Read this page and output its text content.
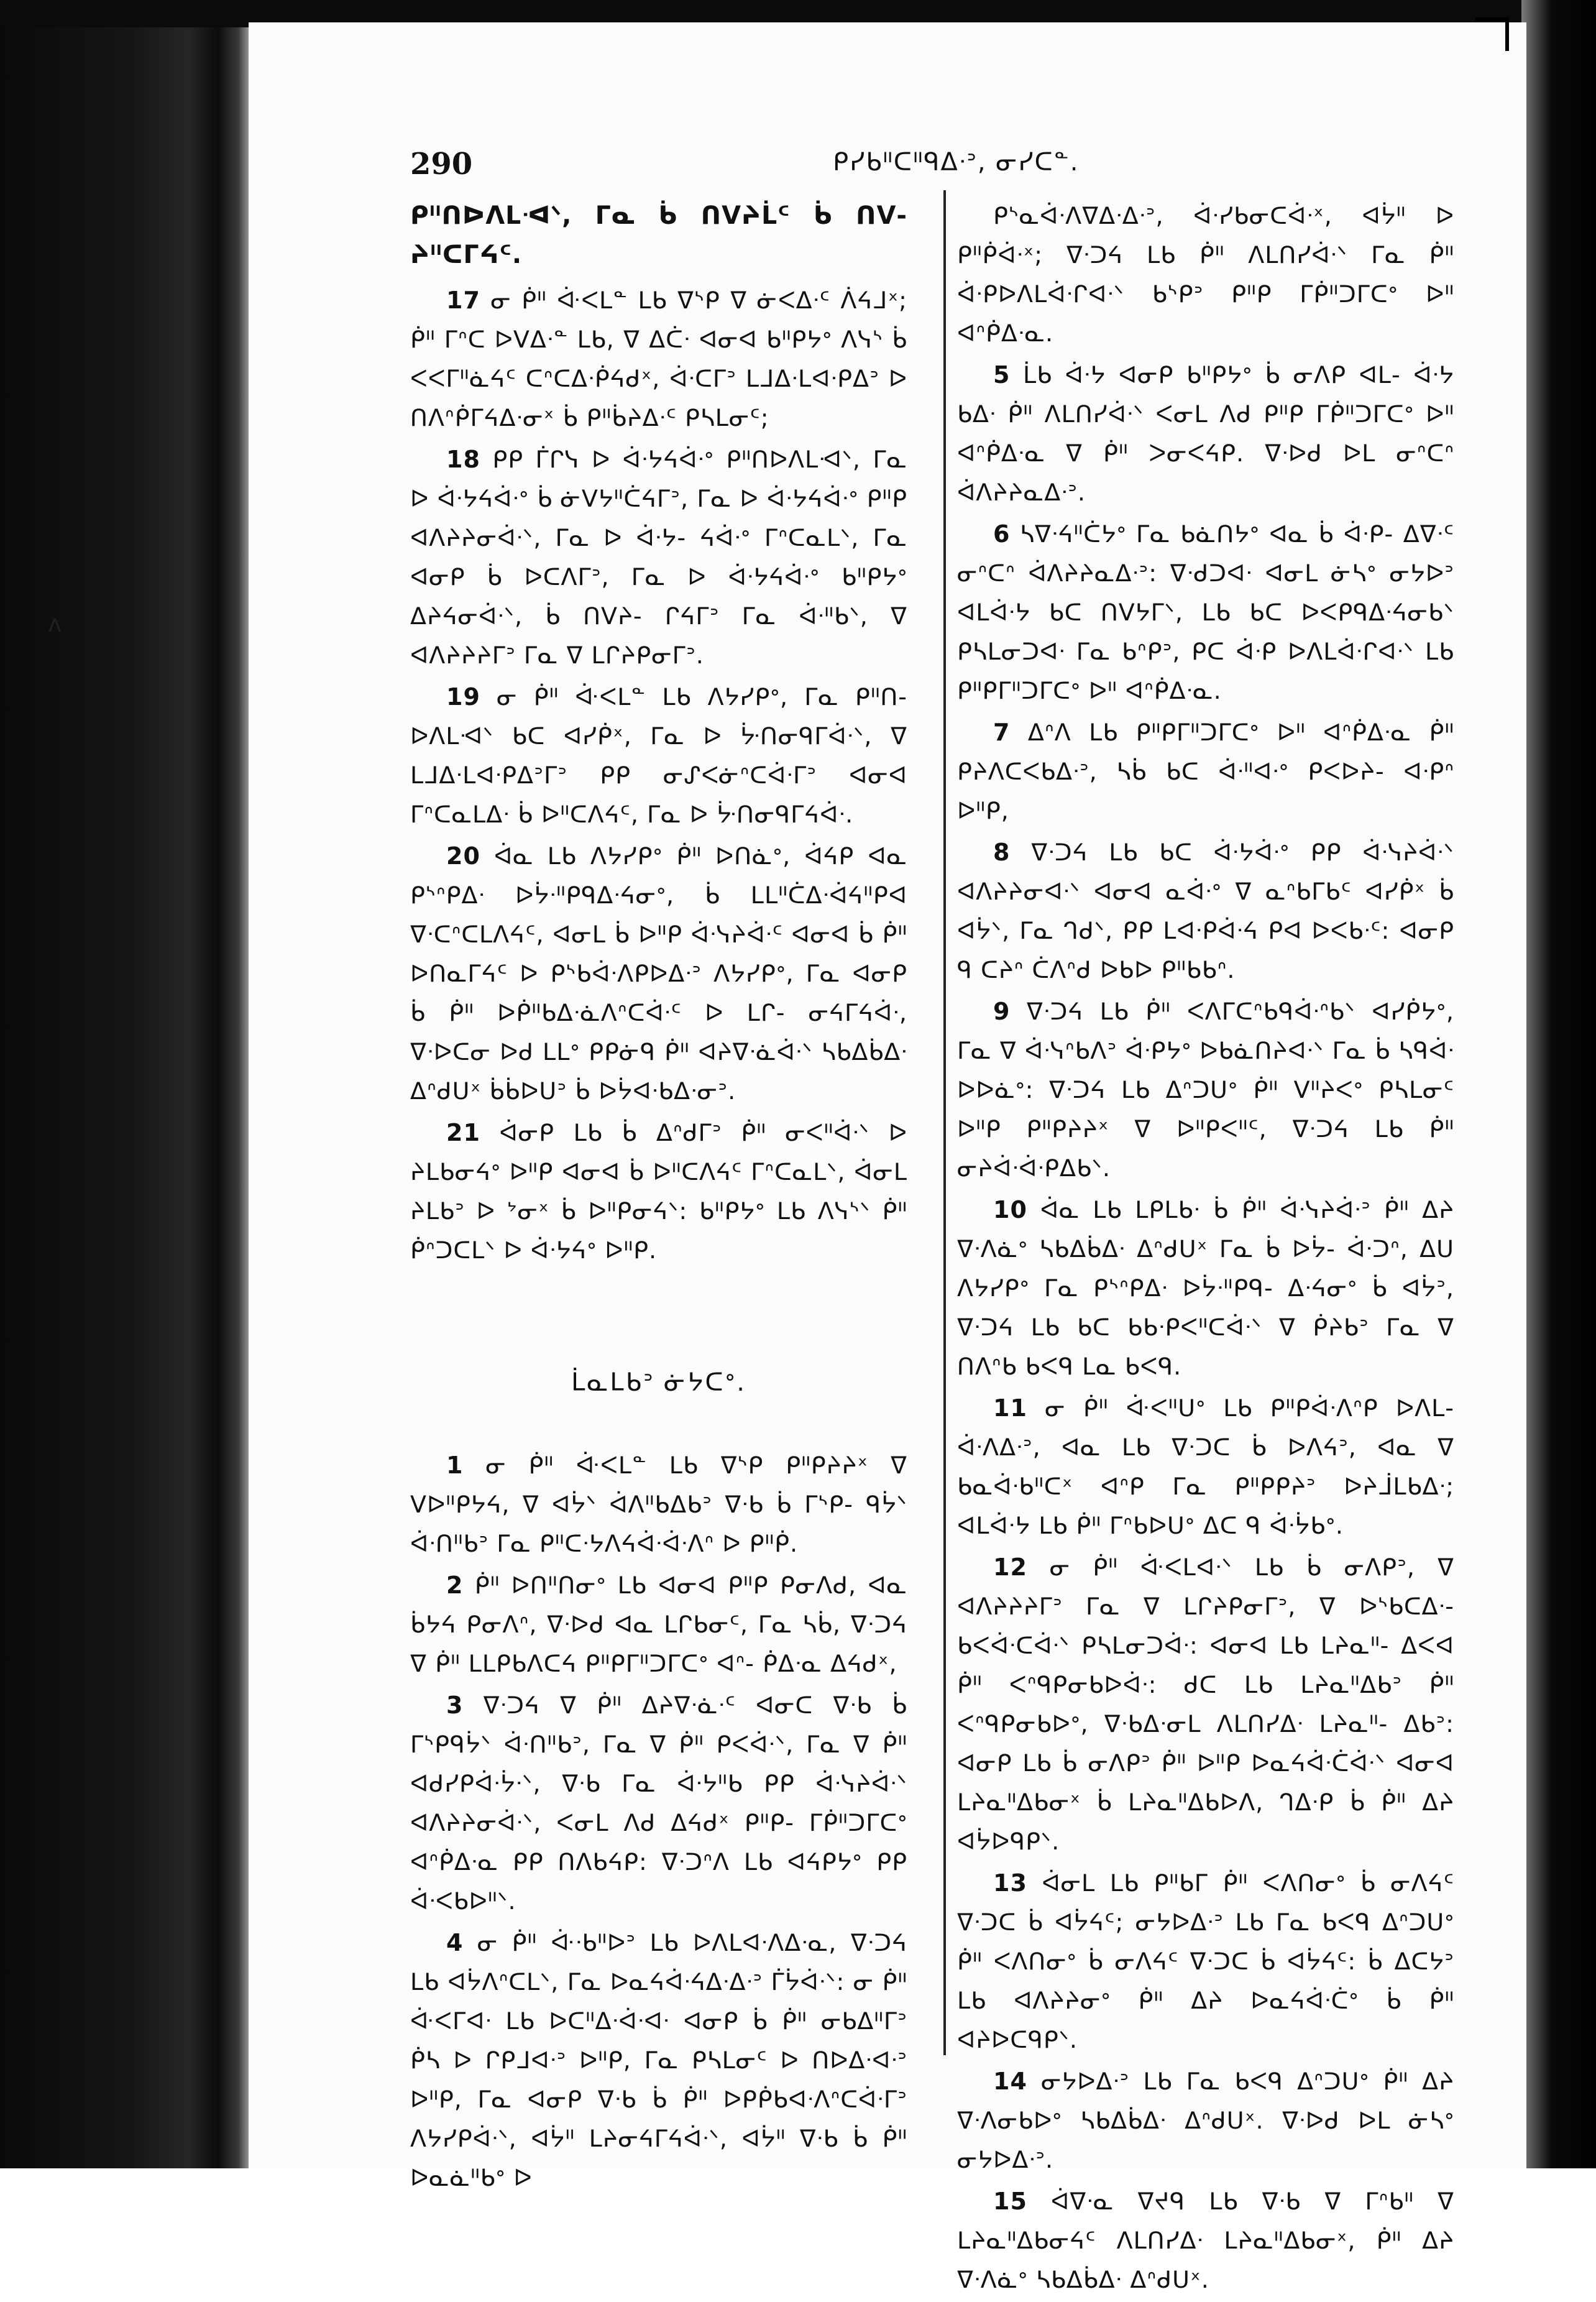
ᐱ
290	ᑭᓯᑲᐦᑕᐦᑫᐃᐧᐣ, ᓂᓯᑕᓐ.

ᑭᐦᑎᐅᐱᒪᐗᐠ, ᒥᓇ ᑳ ᑎᐯᔨᒫᑦ ᑳ ᑎᐯ- ᔨᐦᑕᒥᔦᑦ.

17 ᓂ ᑮᐦ ᐚᐸᒪᓐ ᒪᑲ ᐁᔅᑭ ᐁ ᓃᐸᐃᐧᑦ ᐲᔦᒧˣ; ᑮᐦ ᒥᐢᑕ ᐅᐯᐃᐧᓐ ᒪᑲ, ᐁ ᐃᑖᐧ ᐊᓂᐊ ᑲᐦᑭᔭᐤ ᐱᓭᔅ ᑳ ᐸᐸᒥᐦᓈᔦᑦ ᑕᐢᑕᐃᐧᑮᔦᑯˣ, ᐋᐧᑕᒥᐣ ᒪᒧᐃᐧᒪᐊᐧᑭᐃᐣ ᐅ ᑎᐱᐢᑮᒥᔦᐃᐧᓂˣ ᑳ ᑭᐦᑳᔨᐃᐧᑦ ᑭᓴᒪᓂᑦ;

18 ᑭᑭ ᒦᒋᓭ ᐅ ᐋᐧᔭᔦᐋᐧᐤ ᑭᐦᑎᐅᐱᒪᐗᐠ, ᒥᓇ ᐅ ᐋᐧᔭᔦᐋᐧᐤ ᑳ ᓃᐯᔭᐦᑖᔦᒥᐣ, ᒥᓇ ᐅ ᐋᐧᔭᔦᐋᐧᐤ ᑭᐦᑭ ᐊᐱᔨᔨᓂᐋᐧᐠ, ᒥᓇ ᐅ ᐋᐧᔭ- ᔦᐋᐧᐤ ᒥᐢᑕᓇᒪᐠ, ᒥᓇ ᐊᓂᑭ ᑳ ᐅᑕᐱᒥᐣ, ᒥᓇ ᐅ ᐋᐧᔭᔦᐋᐧᐤ ᑲᐦᑭᔭᐤ ᐃᔨᔦᓂᐋᐧᐠ, ᑳ ᑎᐯᔨ- ᒋᔦᒥᐣ ᒥᓇ ᐋᐧᐦᑲᐠ, ᐁ ᐊᐱᔨᔨᔨᒥᐣ ᒥᓇ ᐁ ᒪᒋᔨᑭᓂᒥᐣ.

19 ᓂ ᑮᐦ ᐚᐸᒪᓐ ᒪᑲ ᐱᔭᓯᑭᐤ, ᒥᓇ ᑭᐦᑎ- ᐅᐱᒪᐗᐠ ᑲᑕ ᐊᓯᑮˣ, ᒥᓇ ᐅ ᔼᑎᓂᑫᒥᐋᐧᐠ, ᐁ ᒪᒧᐃᐧᒪᐊᐧᑭᐃᐣᒥᐣ ᑭᑭ ᓂᔑᐸᓃᐢᑕᐋᐧᒥᐣ ᐊᓂᐊ ᒥᐢᑕᓇᒪᐃᐧ ᑳ ᐅᐦᑕᐱᔦᑦ, ᒥᓇ ᐅ ᔼᑎᓂᑫᒥᔦᐋᐧ.

20 ᐋᓇ ᒪᑲ ᐱᔭᓯᑭᐤ ᑮᐦ ᐅᑎᓈᐤ, ᐋᔦᑭ ᐊᓇ ᑭᔅᐢᑭᐃᐧ ᐅᔮᐧᐦᑭᑫᐃᐧᔦᓂᐤ, ᑳ ᒪᒪᐦᑖᐃᐧᐋᔦᐦᑭᐊ ᐁᐧᑕᐢᑕᒪᐱᔦᑦ, ᐊᓂᒪ ᑳ ᐅᐦᑭ ᐋᐧᓭᔨᐋᐧᑦ ᐊᓂᐊ ᑳ ᑮᐦ ᐅᑎᓇᒥᔦᑦ ᐅ ᑭᔅᑲᐋᐧᐱᑭᐅᐃᐧᐣ ᐱᔭᓯᑭᐤ, ᒥᓇ ᐊᓂᑭ ᑳ ᑮᐦ ᐅᑮᐦᑲᐃᐧᓈᐱᐢᑕᐋᐧᑦ ᐅ ᒪᒋ- ᓂᔦᒥᔦᐋᐧ, ᐁᐧᐅᑕᓂ ᐅᑯ ᒪᒪᐤ ᑭᑭᓃᑫ ᑮᐦ ᐊᔨᐁᐧᓈᐋᐧᐠ ᓴᑲᐃᑳᐃᐧ ᐃᐢᑯᑌˣ ᑳᑳᐅᑌᐣ ᑳ ᐅᔮᐊᐧᑲᐃᐧᓂᐣ.

21 ᐋᓂᑭ ᒪᑲ ᑳ ᐃᐢᑯᒥᐣ ᑮᐦ ᓂᐸᐦᐋᐧᐠ ᐅ ᔨᒪᑲᓂᔦᐤ ᐅᐦᑭ ᐊᓂᐊ ᑳ ᐅᐦᑕᐱᔦᑦ ᒥᐢᑕᓇᒪᐠ, ᐋᓂᒪ ᔨᒪᑲᐣ ᐅ ᔾᓂˣ ᑳ ᐅᐦᑭᓂᔦᐠ: ᑲᐦᑭᔭᐤ ᒪᑲ ᐱᓭᔅᐠ ᑮᐦ ᑮᐢᑐᑕᒪᐠ ᐅ ᐋᐧᔭᔦᐤ ᐅᐦᑭ.

ᒫᓇᒪᑲᐣ ᓃᔭᑕᐤ.

1 ᓂ ᑮᐦ ᐚᐸᒪᓐ ᒪᑲ ᐁᔅᑭ ᑭᐦᑭᔨᔨˣ ᐁ ᐯᐅᐦᑭᔭᔦ, ᐁ ᐊᔮᐠ ᐋᐱᐦᑲᐃᑲᐣ ᐁᐧᑲ ᑳ ᒥᔅᑭ- ᑫᔮᐠ ᐋᐧᑎᐦᑲᐣ ᒥᓇ ᑭᐦᑕᐧᔭᐱᔦᐋᐧᐋᐧᐱᐢ ᐅ ᑭᐦᑮ.

2 ᑮᐦ ᐅᑎᐦᑎᓂᐤ ᒪᑲ ᐊᓂᐊ ᑭᐦᑭ ᑭᓂᐱᑯ, ᐊᓇ ᑳᔭᔦ ᑭᓂᐱᐢ, ᐁᐧᐅᑯ ᐊᓇ ᒪᒋᑲᓂᑦ, ᒥᓇ ᓴᑳ, ᐁᐧᑐᔦ ᐁ ᑮᐦ ᒪᒪᑭᑲᐱᑕᔦ ᑭᐦᑭᒥᐦᑐᒥᑕᐤ ᐊᐢ- ᑮᐃᐧᓇ ᐃᔦᑯˣ,

3 ᐁᐧᑐᔦ ᐁ ᑮᐦ ᐃᔨᐁᐧᓈᐧᑦ ᐊᓂᑕ ᐁᐧᑲ ᑳ ᒥᔅᑭᑫᔮᐠ ᐋᐧᑎᐦᑲᐣ, ᒥᓇ ᐁ ᑮᐦ ᑭᐸᐋᐧᐠ, ᒥᓇ ᐁ ᑮᐦ ᐊᑯᓯᑭᐋᐧᔮᐧᐠ, ᐁᐧᑲ ᒥᓇ ᐋᐧᔭᐦᑲ ᑭᑭ ᐋᐧᓭᔨᐋᐧᐠ ᐊᐱᔨᔨᓂᐋᐧᐠ, ᐸᓂᒪ ᐱᑯ ᐃᔦᑯˣ ᑭᐦᑭ- ᒥᑮᐦᑐᒥᑕᐤ ᐊᐢᑮᐃᐧᓇ ᑭᑭ ᑎᐱᑲᔦᑭ: ᐁᐧᑐᐢᐱ ᒪᑲ ᐊᔦᑭᔭᐤ ᑭᑭ ᐋᐧᐸᑲᐅᐦᐠ.

4 ᓂ ᑮᐦ ᐚᐧᑲᐦᐅᐣ ᒪᑲ ᐅᐱᒪᐊᐧᐱᐃᐧᓇ, ᐁᐧᑐᔦ ᒪᑲ ᐊᔮᐱᐢᑕᒪᐠ, ᒥᓇ ᐅᓇᔦᐋᐧᔦᐃᐧᐃᐧᐣ ᒦᔮᐋᐧᐠ: ᓂ ᑮᐦ ᐚᐸᒥᐊᐧ ᒪᑲ ᐅᑕᐦᐃᐧᐋᐧᐊᐧ ᐊᓂᑭ ᑳ ᑮᐦ ᓂᑲᐃᐦᒥᐣ ᑮᓴ ᐅ ᒋᑭᒧᐊᐧᐣ ᐅᐦᑭ, ᒥᓇ ᑭᓴᒪᓂᑦ ᐅ ᑎᐅᐃᐧᐊᐧᐣ ᐅᐦᑭ, ᒥᓇ ᐊᓂᑭ ᐁᐧᑲ ᑳ ᑮᐦ ᐅᑭᑮᑲᐊᐧᐱᐢᑕᐋᐧᒥᐣ ᐱᔭᓯᑭᐋᐧᐠ, ᐊᔮᐦ ᒪᔨᓂᔦᒥᔦᐋᐧᐠ, ᐊᔮᐦ ᐁᐧᑲ ᑳ ᑮᐦ ᐅᓇᓈᐦᑲᐤ ᐅ

ᑭᔅᓇᐋᐧᐱᐁᐃᐧᐃᐧᐣ, ᐋᐧᓯᑲᓂᑕᐋᐧˣ, ᐊᔮᐦ ᐅ ᑭᐦᑮᐋᐧˣ; ᐁᐧᑐᔦ ᒪᑲ ᑮᐦ ᐱᒪᑎᓯᐋᐧᐠ ᒥᓇ ᑮᐦ ᐋᐧᑭᐅᐱᒪᐋᐧᒋᐊᐧᐠ ᑲᔅᑭᐣ ᑭᐦᑭ ᒥᑮᐦᑐᒥᑕᐤ ᐅᐦ ᐊᐢᑮᐃᐧᓇ.

5 ᒫᑲ ᐋᐧᔭ ᐊᓂᑭ ᑲᐦᑭᔭᐤ ᑳ ᓂᐱᑭ ᐊᒪ- ᐋᐧᔭ ᑲᐃᐧ ᑮᐦ ᐱᒪᑎᓯᐋᐧᐠ ᐸᓂᒪ ᐱᑯ ᑭᐦᑭ ᒥᑮᐦᑐᒥᑕᐤ ᐅᐦ ᐊᐢᑮᐃᐧᓇ ᐁ ᑮᐦ ᐳᓂᐸᔦᑭ. ᐁᐧᐅᑯ ᐅᒪ ᓂᐢᑕᐢ ᐋᐱᔨᔨᓇᐃᐧᐣ.

6 ᓴᐁᐧᔦᐦᑖᔭᐤ ᒥᓇ ᑲᓈᑎᔭᐤ ᐊᓇ ᑳ ᐋᐧᑭ- ᐃᐁᐧᑦ ᓂᐢᑕᐢ ᐋᐱᔨᔨᓇᐃᐧᐣ: ᐁᐧᑯᑐᐊᐧ ᐊᓂᒪ ᓃᓴᐤ ᓂᔭᐅᐣ ᐊᒪᐋᐧᔭ ᑲᑕ ᑎᐯᔭᒥᐠ, ᒪᑲ ᑲᑕ ᐅᐸᑭᑫᐃᐧᔦᓂᑲᐠ ᑭᓴᒪᓂᑐᐊᐧ ᒥᓇ ᑲᐢᑭᐣ, ᑭᑕ ᐋᐧᑭ ᐅᐱᒪᐋᐧᒋᐊᐧᐠ ᒪᑲ ᑭᐦᑭᒥᐦᑐᒥᑕᐤ ᐅᐦ ᐊᐢᑮᐃᐧᓇ.

7 ᐃᐢᐱ ᒪᑲ ᑭᐦᑭᒥᐦᑐᒥᑕᐤ ᐅᐦ ᐊᐢᑮᐃᐧᓇ ᑮᐦ ᑭᔨᐱᑕᐸᑲᐃᐧᐣ, ᓴᑳ ᑲᑕ ᐋᐧᐦᐊᐧᐤ ᑭᐸᐅᔨ- ᐊᐧᑭᐢ ᐅᐦᑭ,

8 ᐁᐧᑐᔦ ᒪᑲ ᑲᑕ ᐋᐧᔭᐋᐧᐤ ᑭᑭ ᐋᐧᓭᔨᐋᐧᐠ ᐊᐱᔨᔨᓂᐊᐧᐠ ᐊᓂᐊ ᓇᐋᐧᐤ ᐁ ᓇᐢᑲᒥᑲᑦ ᐊᓯᑮˣ ᑳ ᐊᔮᐠ, ᒥᓇ ᒉᑯᐠ, ᑭᑭ ᒪᐊᐧᑭᐋᐧᔦ ᑭᐊ ᐅᐸᑲᐧᑦ: ᐊᓂᑭ ᑫ ᑕᔨᐢ ᑖᐱᐢᑯ ᐅᑲᐅ ᑭᐦᑲᑲᐢ.

9 ᐁᐧᑐᔦ ᒪᑲ ᑮᐦ ᐸᐱᒥᑕᐢᑲᑫᐋᐧᐢᑲᐠ ᐊᓯᑮᔭᐤ, ᒥᓇ ᐁ ᐋᐧᓭᐢᑲᐱᐣ ᐋᐧᑭᔭᐤ ᐅᑲᓈᑎᔨᐊᐧᐠ ᒥᓇ ᑳ ᓴᑫᐋᐧ ᐅᐅᓈᐤ: ᐁᐧᑐᔦ ᒪᑲ ᐃᐢᑐᑌᐤ ᑮᐦ ᐯᐦᔨᐸᐤ ᑭᓴᒪᓂᑦ ᐅᐦᑭ ᑭᐦᑭᔨᔨˣ ᐁ ᐅᐦᑭᐸᐦᑦ, ᐁᐧᑐᔦ ᒪᑲ ᑮᐦ ᓂᔨᐋᐧᐋᐧᑭᐃᑲᐠ.

10 ᐋᓇ ᒪᑲ ᒪᑭᒪᑲᐧ ᑳ ᑮᐦ ᐋᐧᓭᔨᐋᐧᐣ ᑮᐦ ᐃᔨ ᐁᐧᐱᓈᐤ ᓴᑲᐃᑳᐃᐧ ᐃᐢᑯᑌˣ ᒥᓇ ᑳ ᐅᔮ- ᐋᐧᑐᐢ, ᐃᑌ ᐱᔭᓯᑭᐤ ᒥᓇ ᑭᔅᐢᑭᐃᐧ ᐅᔮᐧᐦᑭᑫ- ᐃᐧᔦᓂᐤ ᑳ ᐊᔮᐣ, ᐁᐧᑐᔦ ᒪᑲ ᑲᑕ ᑲᑲᐧᑭᐸᐦᑕᐋᐧᐠ ᐁ ᑮᔨᑲᐣ ᒥᓇ ᐁ ᑎᐱᐢᑲ ᑲᐸᑫ ᒪᓇ ᑲᐸᑫ.

11 ᓂ ᑮᐦ ᐚᐸᐦᑌᐤ ᒪᑲ ᑭᐦᑭᐋᐧᐱᐢᑭ ᐅᐱᒪ- ᐋᐧᐱᐃᐧᐣ, ᐊᓇ ᒪᑲ ᐁᐧᑐᑕ ᑳ ᐅᐱᔦᐣ, ᐊᓇ ᐁ ᑲᓇᐋᐧᑲᐦᑕˣ ᐊᐢᑭ ᒥᓇ ᑭᐦᑭᑭᔨᐣ ᐅᔨᒨᒪᑲᐃᐧ; ᐊᒪᐋᐧᔭ ᒪᑲ ᑮᐦ ᒥᐢᑲᐅᑌᐤ ᐃᑕ ᑫ ᐋᐧᔮᑲᐤ.

12 ᓂ ᑮᐦ ᐚᐸᒪᐊᐧᐠ ᒪᑲ ᑳ ᓂᐱᑭᐣ, ᐁ ᐊᐱᔨᔨᔨᒥᐣ ᒥᓇ ᐁ ᒪᒋᔨᑭᓂᒥᐣ, ᐁ ᐅᔅᑲᑕᐃᐧ- ᑲᐸᐋᐧᑕᐋᐧᐠ ᑭᓴᒪᓂᑐᐋᐧ: ᐊᓂᐊ ᒪᑲ ᒪᔨᓇᐦ- ᐃᐸᐊ ᑮᐦ ᐸᐢᑫᑭᓂᑲᐅᐋᐧ: ᑯᑕ ᒪᑲ ᒪᔨᓇᐦᐃᑲᐣ ᑮᐦ ᐸᐢᑫᑭᓂᑲᐅᐤ, ᐁᐧᑲᐃᐧᓂᒪ ᐱᒪᑎᓯᐃᐧ ᒪᔨᓇᐦ- ᐃᑲᐣ: ᐊᓂᑭ ᒪᑲ ᑳ ᓂᐱᑭᐣ ᑮᐦ ᐅᐦᑭ ᐅᓇᔦᐋᐧᑖᐋᐧᐠ ᐊᓂᐊ ᒪᔨᓇᐦᐃᑲᓂˣ ᑳ ᒪᔨᓇᐦᐃᑲᐅᐱ, ᒉᐃᐧᑭ ᑳ ᑮᐦ ᐃᔨ ᐊᔮᐅᑫᑭᐠ.

13 ᐋᓂᒪ ᒪᑲ ᑭᐦᑲᒥ ᑮᐦ ᐸᐱᑎᓂᐤ ᑳ ᓂᐱᔦᑦ ᐁᐧᑐᑕ ᑳ ᐊᔮᔦᑦ; ᓂᔭᐅᐃᐧᐣ ᒪᑲ ᒥᓇ ᑲᐸᑫ ᐃᐢᑐᑌᐤ ᑮᐦ ᐸᐱᑎᓂᐤ ᑳ ᓂᐱᔦᑦ ᐁᐧᑐᑕ ᑳ ᐊᔮᔦᑦ: ᑳ ᐃᑕᔭᐣ ᒪᑲ ᐊᐱᔨᔨᓂᐤ ᑮᐦ ᐃᔨ ᐅᓇᔦᐋᐧᑖᐤ ᑳ ᑮᐦ ᐊᔨᐅᑕᑫᑭᐠ.

14 ᓂᔭᐅᐃᐧᐣ ᒪᑲ ᒥᓇ ᑲᐸᑫ ᐃᐢᑐᑌᐤ ᑮᐦ ᐃᔨ ᐁᐧᐱᓂᑲᐅᐤ ᓴᑲᐃᑳᐃᐧ ᐃᐢᑯᑌˣ. ᐁᐧᐅᑯ ᐅᒪ ᓃᓴᐤ ᓂᔭᐅᐃᐧᐣ.

15 ᐋᐁᐧᓇ ᐁᔪᑫ ᒪᑲ ᐁᐧᑲ ᐁ ᒥᐢᑲᐦ ᐁ ᒪᔨᓇᐦᐃᑲᓂᔦᑦ ᐱᒪᑎᓯᐃᐧ ᒪᔨᓇᐦᐃᑲᓂˣ, ᑮᐦ ᐃᔨ ᐁᐧᐱᓈᐤ ᓴᑲᐃᑳᐃᐧ ᐃᐢᑯᑌˣ.
